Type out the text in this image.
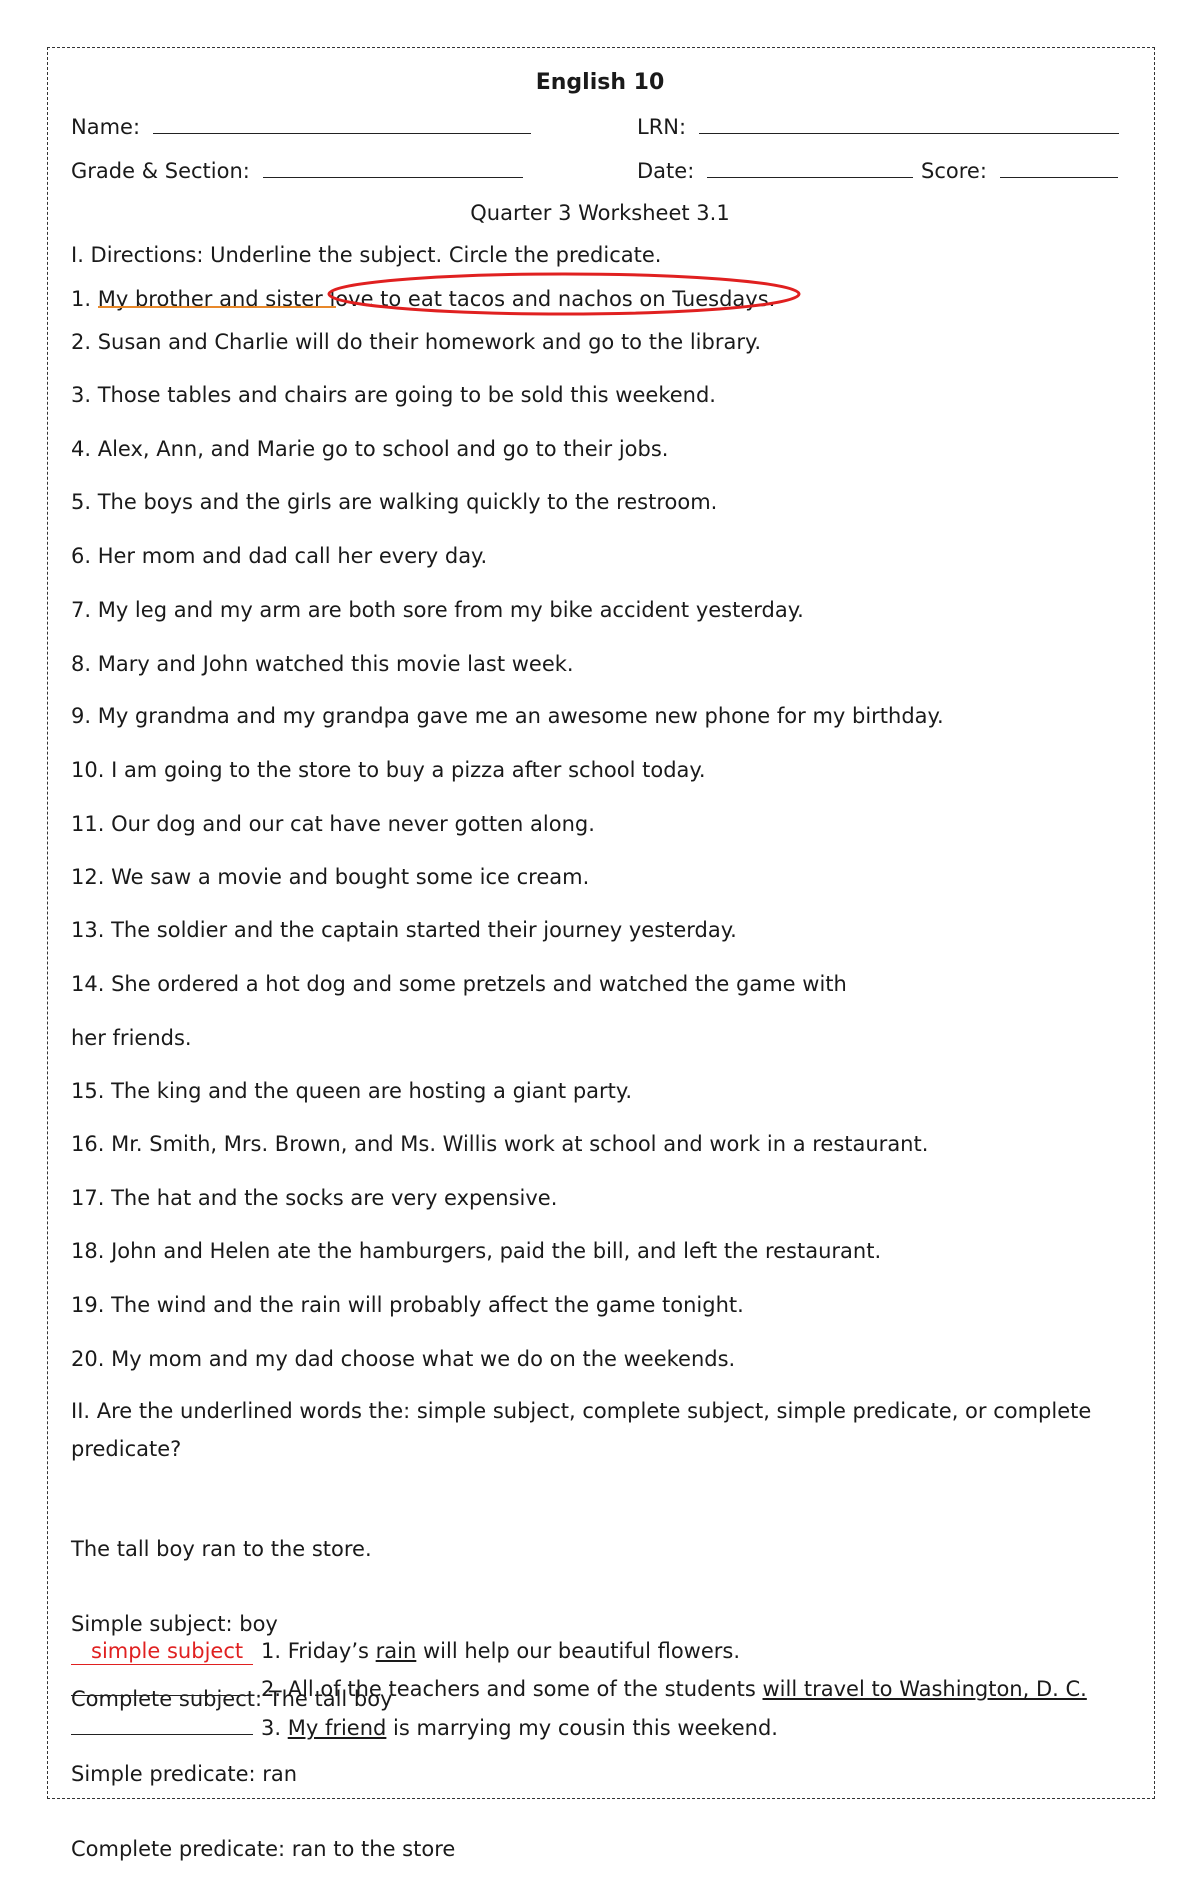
English 10
Name:	LRN:
Grade & Section:	Date:	Score:
Quarter 3 Worksheet 3.1
I. Directions: Underline the subject. Circle the predicate.
1. My brother and sister love to eat tacos and nachos on Tuesdays.
2. Susan and Charlie will do their homework and go to the library.
3. Those tables and chairs are going to be sold this weekend.
4. Alex, Ann, and Marie go to school and go to their jobs.
5. The boys and the girls are walking quickly to the restroom.
6. Her mom and dad call her every day.
7. My leg and my arm are both sore from my bike accident yesterday.
8. Mary and John watched this movie last week.
9. My grandma and my grandpa gave me an awesome new phone for my birthday.
10. I am going to the store to buy a pizza after school today.
11. Our dog and our cat have never gotten along.
12. We saw a movie and bought some ice cream.
13. The soldier and the captain started their journey yesterday.
14. She ordered a hot dog and some pretzels and watched the game with
her friends.
15. The king and the queen are hosting a giant party.
16. Mr. Smith, Mrs. Brown, and Ms. Willis work at school and work in a restaurant.
17. The hat and the socks are very expensive.
18. John and Helen ate the hamburgers, paid the bill, and left the restaurant.
19. The wind and the rain will probably affect the game tonight.
20. My mom and my dad choose what we do on the weekends.
II. Are the underlined words the: simple subject, complete subject, simple predicate, or complete
predicate?

The tall boy ran to the store.

Simple subject: boy

Complete subject: The tall boy

Simple predicate: ran

Complete predicate: ran to the store

simple subject 1. Friday’s rain will help our beautiful flowers.
2. All of the teachers and some of the students will travel to Washington, D. C.
3. My friend is marrying my cousin this weekend.
